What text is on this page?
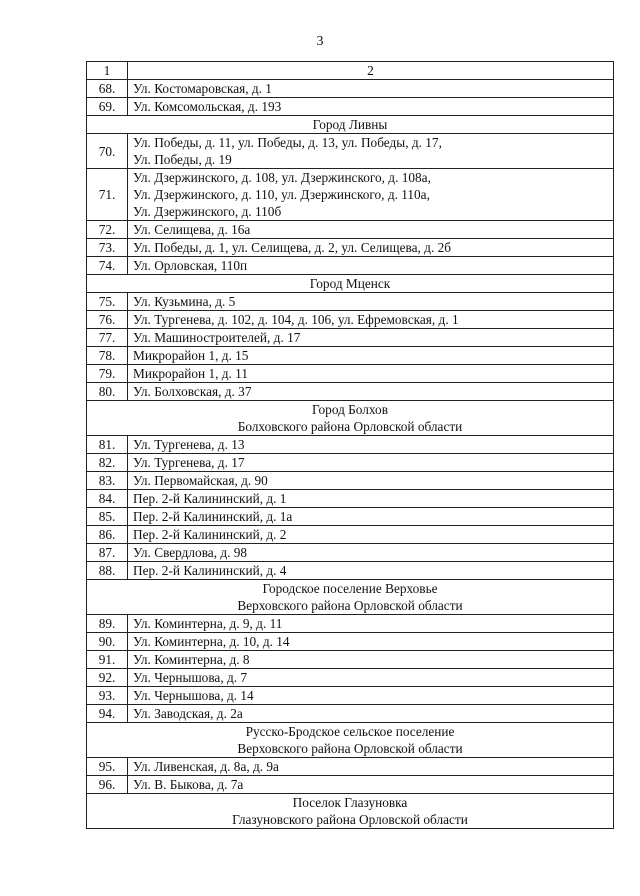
3
1	2
68.	Ул. Костомаровская, д. 1
69.	Ул. Комсомольская, д. 193
Город Ливны	
70.	Ул. Победы, д. 11, ул. Победы, д. 13, ул. Победы, д. 17,
Ул. Победы, д. 19
71.	Ул. Дзержинского, д. 108, ул. Дзержинского, д. 108а,
Ул. Дзержинского, д. 110, ул. Дзержинского, д. 110а,
Ул. Дзержинского, д. 110б
72.	Ул. Селищева, д. 16а
73.	Ул. Победы, д. 1, ул. Селищева, д. 2, ул. Селищева, д. 2б
74.	Ул. Орловская, 110п
Город Мценск	
75.	Ул. Кузьмина, д. 5
76.	Ул. Тургенева, д. 102, д. 104, д. 106, ул. Ефремовская, д. 1
77.	Ул. Машиностроителей, д. 17
78.	Микрорайон 1, д. 15
79.	Микрорайон 1, д. 11
80.	Ул. Болховская, д. 37
Город Болхов
Болховского района Орловской области	
81.	Ул. Тургенева, д. 13
82.	Ул. Тургенева, д. 17
83.	Ул. Первомайская, д. 90
84.	Пер. 2-й Калининский, д. 1
85.	Пер. 2-й Калининский, д. 1а
86.	Пер. 2-й Калининский, д. 2
87.	Ул. Свердлова, д. 98
88.	Пер. 2-й Калининский, д. 4
Городское поселение Верховье
Верховского района Орловской области	
89.	Ул. Коминтерна, д. 9, д. 11
90.	Ул. Коминтерна, д. 10, д. 14
91.	Ул. Коминтерна, д. 8
92.	Ул. Чернышова, д. 7
93.	Ул. Чернышова, д. 14
94.	Ул. Заводская, д. 2а
Русско-Бродское сельское поселение
Верховского района Орловской области	
95.	Ул. Ливенская, д. 8а, д. 9а
96.	Ул. В. Быкова, д. 7а
Поселок Глазуновка
Глазуновского района Орловской области	
